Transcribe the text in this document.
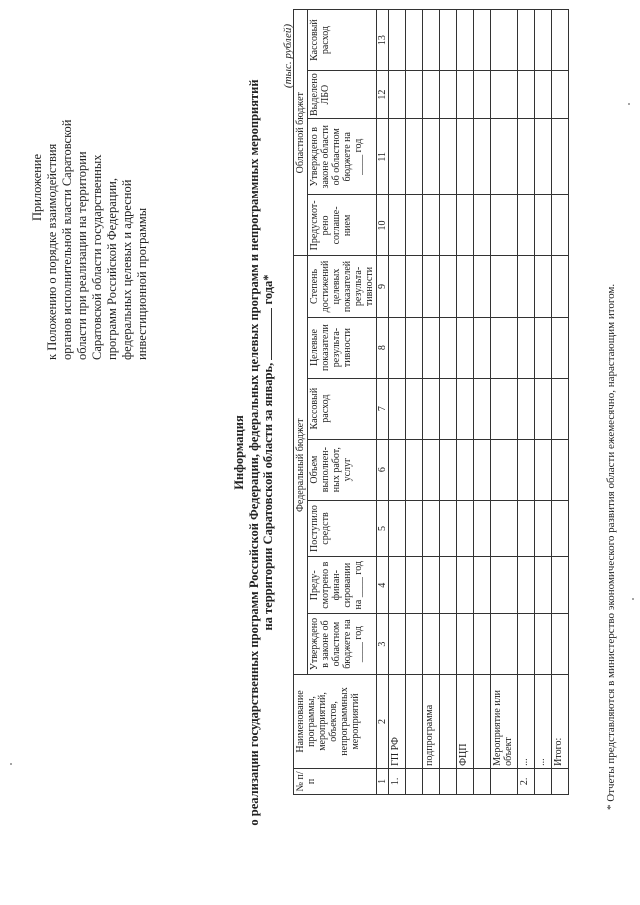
Приложение к Положению о порядке взаимодействия органов исполнительной власти Саратовской области при реализации на территории Саратовской области государственных программ Российской Федерации, федеральных целевых и адресной инвестиционной программы
Информация о реализации государственных программ Российской Федерации, федеральных целевых программ и непрограммных мероприятий на территории Саратовской области за январь,  года*
(тыс. рублей)
№ п/п	Наименование программы, мероприятий, объектов, непрограммных мероприятий	Федеральный бюджет							Областной бюджет			
		Утверждено в законе об областном бюджете на ____ год	Преду-смотрено в финан-сировании на ____ год	Поступило средств	Объем выполнен-ных работ, услуг	Кассовый расход	Целевые показатели результа-тивности	Степень достижений целевых показателей результа-тивности	Предусмот-рено соглаше-нием	Утверждено в законе области об областном бюджете на ____ год	Выделено ЛБО	Кассовый расход
1	2	3	4	5	6	7	8	9	10	11	12	13
1.	ГП РФ											

	подпрограмма											

	ФЦП											

	Мероприятие или объект											
2.	...											
	...											
	Итого:												* Отчеты представляются в министерство экономического развития области ежемесячно, нарастающим итогом.
